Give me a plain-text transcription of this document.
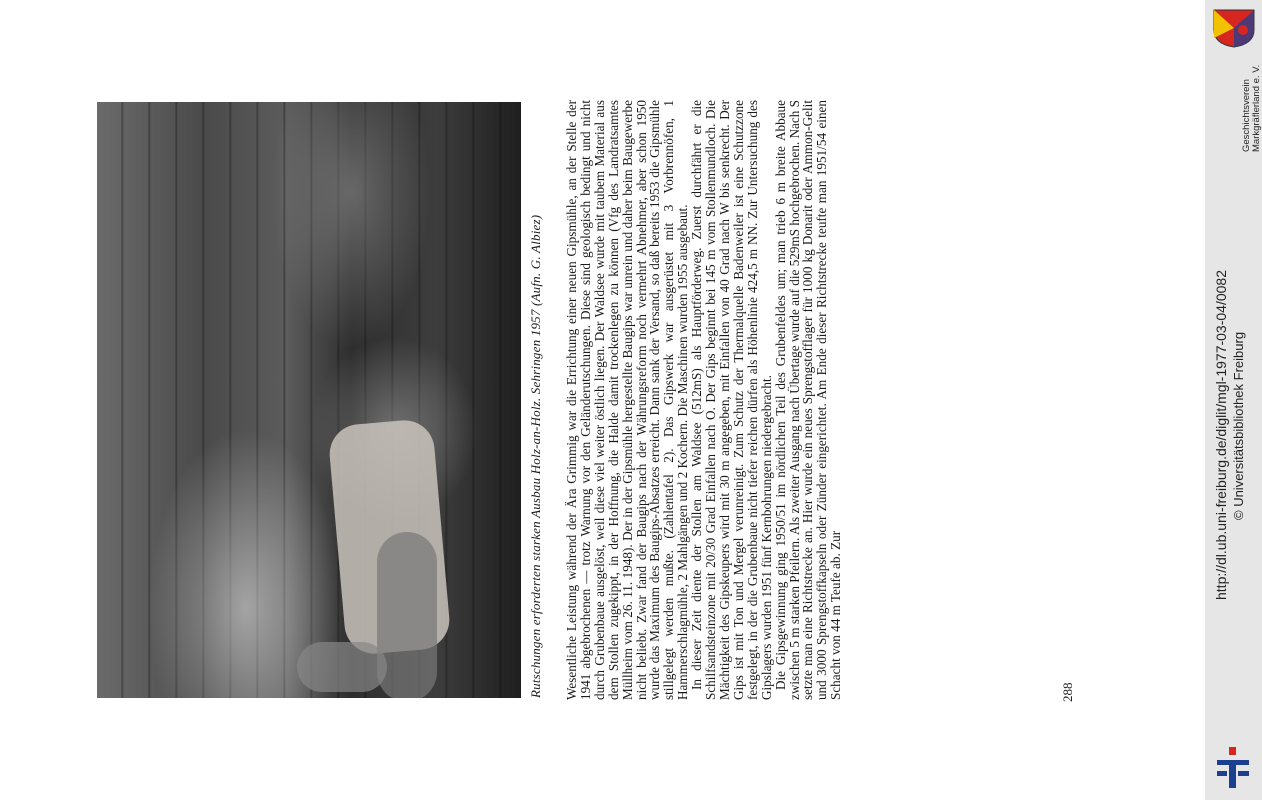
Rutschungen erforderten starken Ausbau Holz-an-Holz. Sehringen 1957 (Aufn. G. Albiez)	Wesentliche Leistung während der Ära Grimmig war die Errichtung einer neuen Gipsmühle, an der Stelle der 1941 abgebrochenen — trotz Warnung vor den Geländerutschungen. Diese sind geologisch bedingt und nicht durch Grubenbaue ausgelöst, weil diese viel weiter östlich liegen. Der Waldsee wurde mit taubem Material aus dem Stollen zugekippt, in der Hoffnung, die Halde damit trockenlegen zu können (Vfg des Landratsamtes Müllheim vom 26. 11. 1948). Der in der Gipsmühle hergestellte Baugips war unrein und daher beim Baugewerbe nicht beliebt. Zwar fand der Baugips nach der Währungsreform noch vermehrt Abnehmer, aber schon 1950 wurde das Maximum des Baugips-Absatzes erreicht. Dann sank der Versand, so daß bereits 1953 die Gipsmühle stillgelegt werden mußte. (Zahlentafel 2). Das Gipswerk war ausgerüstet mit 3 Vorbrennöfen, 1 Hammerschlagmühle, 2 Mahlgängen und 2 Kochern. Die Maschinen wurden 1955 ausgebaut.

In dieser Zeit diente der Stollen am Waldsee (512mS) als Hauptförderweg. Zuerst durchfährt er die Schilfsandsteinzone mit 20/30 Grad Einfallen nach O. Der Gips beginnt bei 145 m vom Stollenmundloch. Die Mächtigkeit des Gipskeupers wird mit 30 m angegeben, mit Einfallen von 40 Grad nach W bis senkrecht. Der Gips ist mit Ton und Mergel verunreinigt. Zum Schutz der Thermalquelle Badenweiler ist eine Schutzzone festgelegt, in der die Grubenbaue nicht tiefer reichen dürfen als Höhenlinie 424,5 m NN. Zur Untersuchung des Gipslagers wurden 1951 fünf Kernbohrungen niedergebracht.

Die Gipsgewinnung ging 1950/51 im nördlichen Teil des Grubenfeldes um; man trieb 6 m breite Abbaue zwischen 5 m starken Pfeilern. Als zweiter Ausgang nach Übertage wurde auf die 529mS hochgebrochen. Nach S setzte man eine Richtstrecke an. Hier wurde ein neues Sprengstofflager für 1000 kg Donarit oder Ammon-Gelit und 3000 Sprengstoffkapseln oder Zünder eingerichtet. Am Ende dieser Richtstrecke teufte man 1951/54 einen Schacht von 44 m Teufe ab. Zur	288
Geschichtsverein Markgräflerland e. V.
http://dl.ub.uni-freiburg.de/diglit/mgl-1977-03-04/0082 © Universitätsbibliothek Freiburg
